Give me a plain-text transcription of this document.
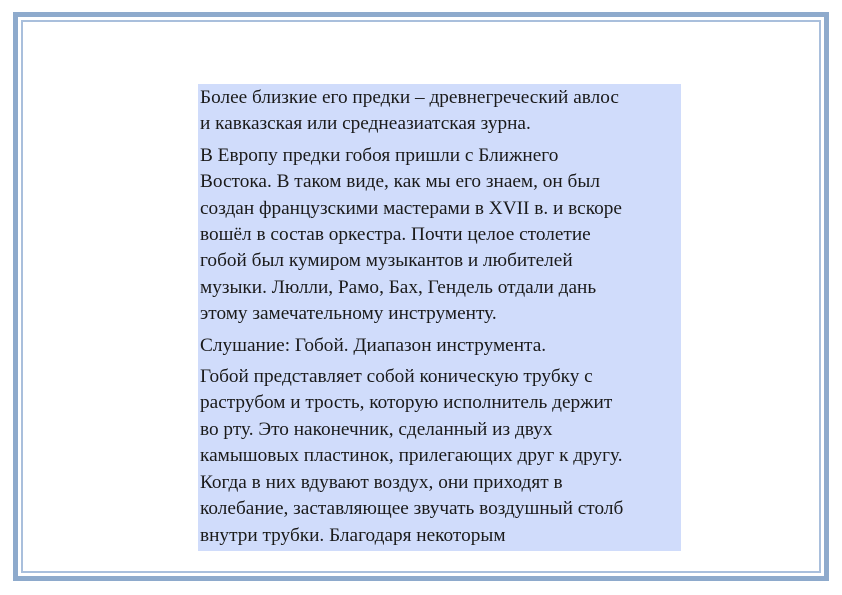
Более близкие его предки – древнегреческий авлос
и кавказская или среднеазиатская зурна.

В Европу предки гобоя пришли с Ближнего
Востока. В таком виде, как мы его знаем, он был
создан французскими мастерами в XVII в. и вскоре
вошёл в состав оркестра. Почти целое столетие
гобой был кумиром музыкантов и любителей
музыки. Люлли, Рамо, Бах, Гендель отдали дань
этому замечательному инструменту.

Слушание: Гобой. Диапазон инструмента.

Гобой представляет собой коническую трубку с
раструбом и трость, которую исполнитель держит
во рту. Это наконечник, сделанный из двух
камышовых пластинок, прилегающих друг к другу.
Когда в них вдувают воздух, они приходят в
колебание, заставляющее звучать воздушный столб
внутри трубки. Благодаря некоторым
